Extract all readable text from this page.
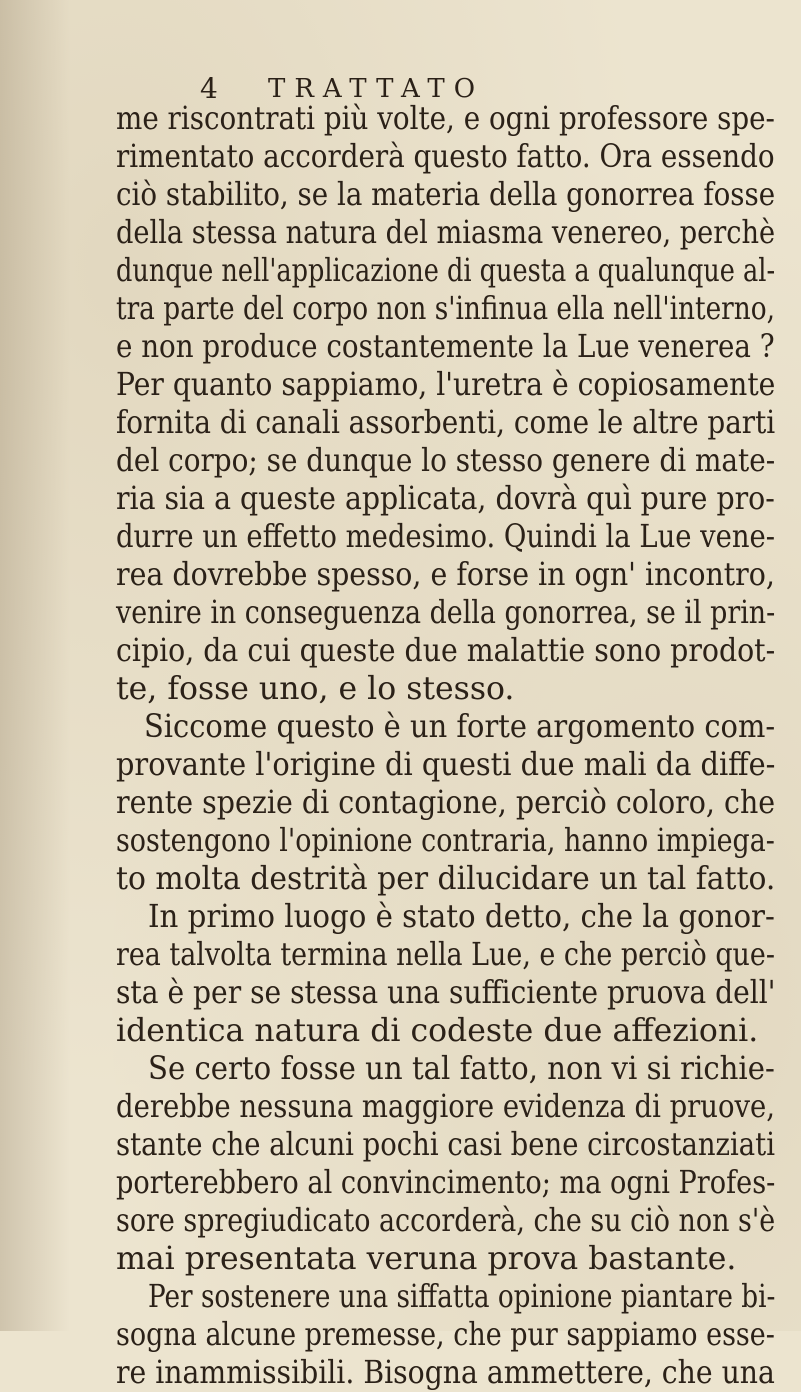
4 TRATTATO
me riscontrati più volte, e ogni professore spe-
rimentato accorderà questo fatto. Ora essendo
ciò stabilito, se la materia della gonorrea fosse
della stessa natura del miasma venereo, perchè
dunque nell'applicazione di questa a qualunque al-
tra parte del corpo non s'infinua ella nell'interno,
e non produce costantemente la Lue venerea ?
Per quanto sappiamo, l'uretra è copiosamente
fornita di canali assorbenti, come le altre parti
del corpo; se dunque lo stesso genere di mate-
ria sia a queste applicata, dovrà quì pure pro-
durre un effetto medesimo. Quindi la Lue vene-
rea dovrebbe spesso, e forse in ogn' incontro,
venire in conseguenza della gonorrea, se il prin-
cipio, da cui queste due malattie sono prodot-
te, fosse uno, e lo stesso.
Siccome questo è un forte argomento com-
provante l'origine di questi due mali da diffe-
rente spezie di contagione, perciò coloro, che
sostengono l'opinione contraria, hanno impiega-
to molta destrità per dilucidare un tal fatto.
In primo luogo è stato detto, che la gonor-
rea talvolta termina nella Lue, e che perciò que-
sta è per se stessa una sufficiente pruova dell'
identica natura di codeste due affezioni.
Se certo fosse un tal fatto, non vi si richie-
derebbe nessuna maggiore evidenza di pruove,
stante che alcuni pochi casi bene circostanziati
porterebbero al convincimento; ma ogni Profes-
sore spregiudicato accorderà, che su ciò non s'è
mai presentata veruna prova bastante.
Per sostenere una siffatta opinione piantare bi-
sogna alcune premesse, che pur sappiamo esse-
re inammissibili. Bisogna ammettere, che una
